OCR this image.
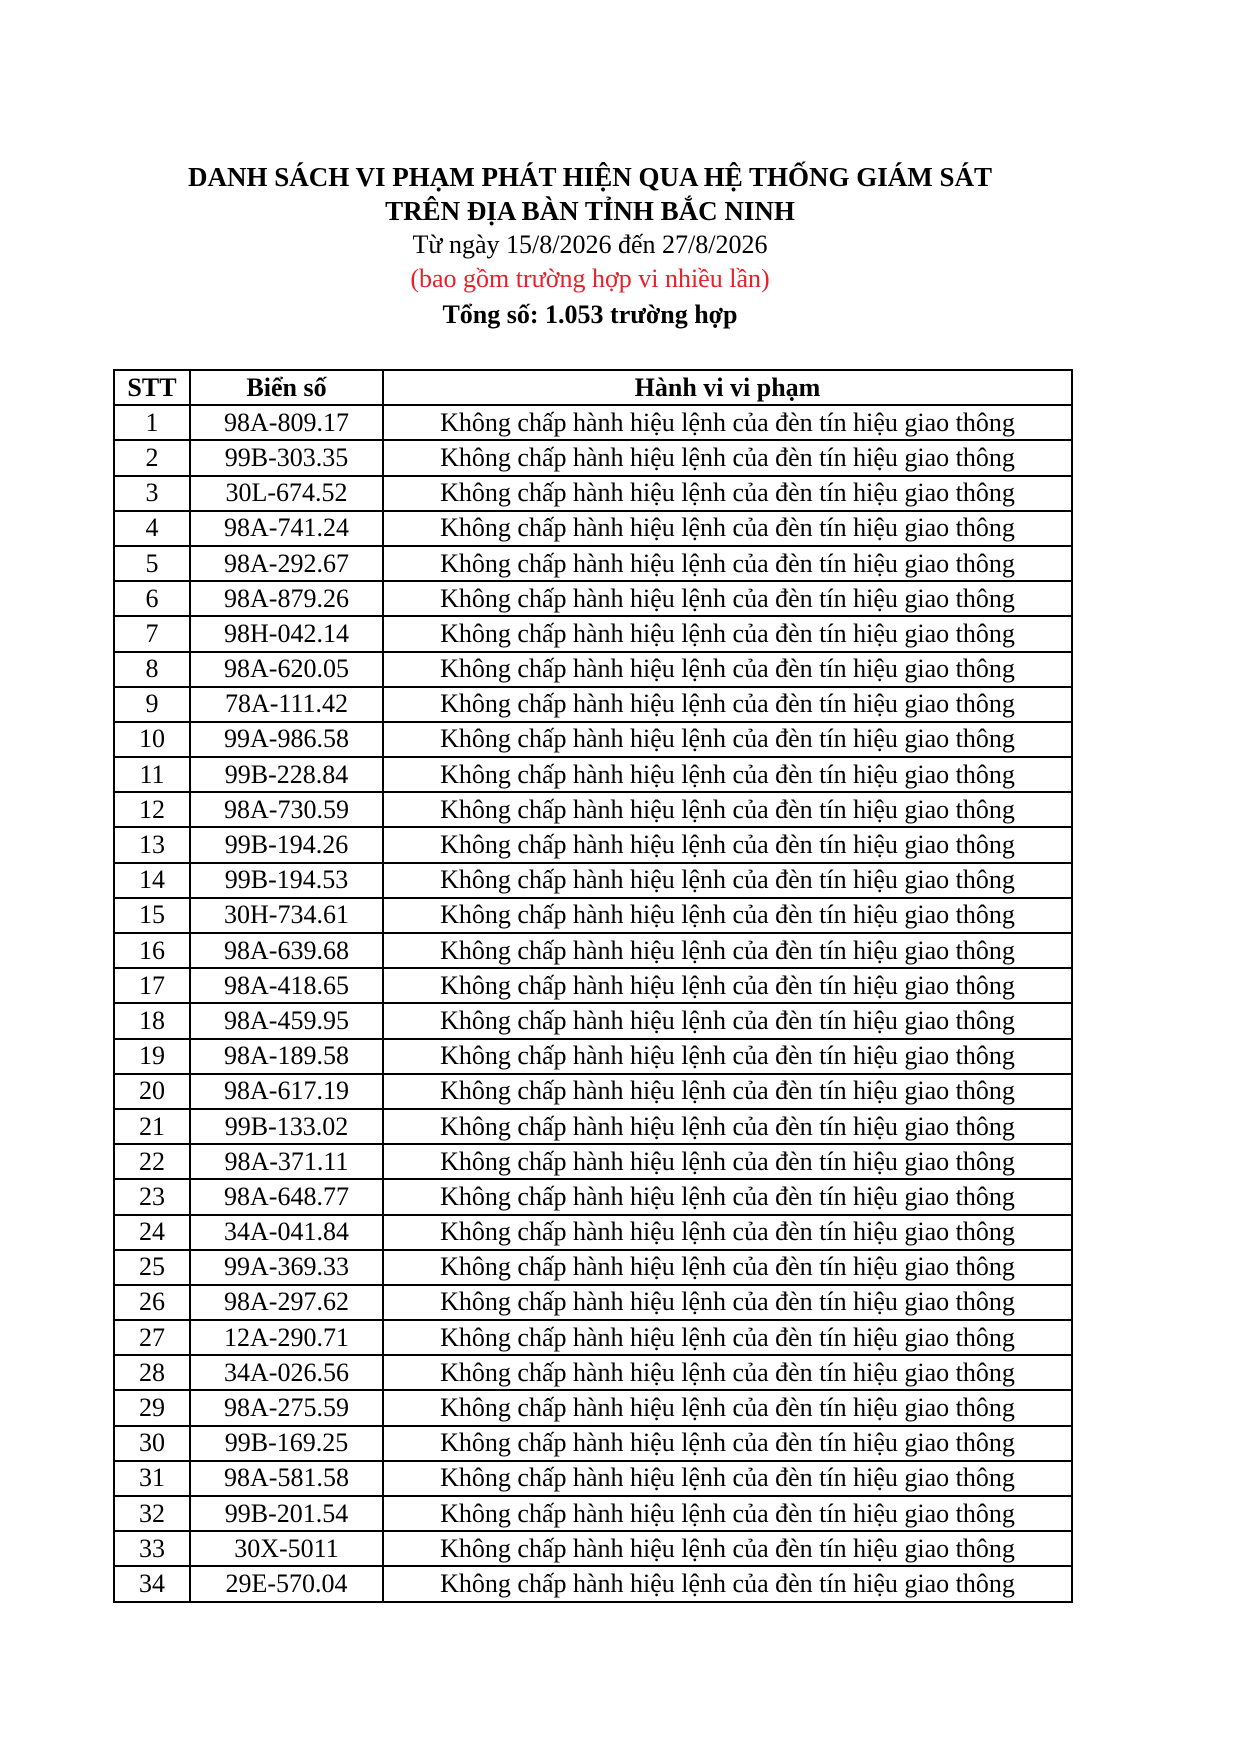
DANH SÁCH VI PHẠM PHÁT HIỆN QUA HỆ THỐNG GIÁM SÁT
TRÊN ĐỊA BÀN TỈNH BẮC NINH
Từ ngày 15/8/2026 đến 27/8/2026
(bao gồm trường hợp vi nhiều lần)
Tổng số: 1.053 trường hợp
STT	Biển số	Hành vi vi phạm
1	98A-809.17	Không chấp hành hiệu lệnh của đèn tín hiệu giao thông
2	99B-303.35	Không chấp hành hiệu lệnh của đèn tín hiệu giao thông
3	30L-674.52	Không chấp hành hiệu lệnh của đèn tín hiệu giao thông
4	98A-741.24	Không chấp hành hiệu lệnh của đèn tín hiệu giao thông
5	98A-292.67	Không chấp hành hiệu lệnh của đèn tín hiệu giao thông
6	98A-879.26	Không chấp hành hiệu lệnh của đèn tín hiệu giao thông
7	98H-042.14	Không chấp hành hiệu lệnh của đèn tín hiệu giao thông
8	98A-620.05	Không chấp hành hiệu lệnh của đèn tín hiệu giao thông
9	78A-111.42	Không chấp hành hiệu lệnh của đèn tín hiệu giao thông
10	99A-986.58	Không chấp hành hiệu lệnh của đèn tín hiệu giao thông
11	99B-228.84	Không chấp hành hiệu lệnh của đèn tín hiệu giao thông
12	98A-730.59	Không chấp hành hiệu lệnh của đèn tín hiệu giao thông
13	99B-194.26	Không chấp hành hiệu lệnh của đèn tín hiệu giao thông
14	99B-194.53	Không chấp hành hiệu lệnh của đèn tín hiệu giao thông
15	30H-734.61	Không chấp hành hiệu lệnh của đèn tín hiệu giao thông
16	98A-639.68	Không chấp hành hiệu lệnh của đèn tín hiệu giao thông
17	98A-418.65	Không chấp hành hiệu lệnh của đèn tín hiệu giao thông
18	98A-459.95	Không chấp hành hiệu lệnh của đèn tín hiệu giao thông
19	98A-189.58	Không chấp hành hiệu lệnh của đèn tín hiệu giao thông
20	98A-617.19	Không chấp hành hiệu lệnh của đèn tín hiệu giao thông
21	99B-133.02	Không chấp hành hiệu lệnh của đèn tín hiệu giao thông
22	98A-371.11	Không chấp hành hiệu lệnh của đèn tín hiệu giao thông
23	98A-648.77	Không chấp hành hiệu lệnh của đèn tín hiệu giao thông
24	34A-041.84	Không chấp hành hiệu lệnh của đèn tín hiệu giao thông
25	99A-369.33	Không chấp hành hiệu lệnh của đèn tín hiệu giao thông
26	98A-297.62	Không chấp hành hiệu lệnh của đèn tín hiệu giao thông
27	12A-290.71	Không chấp hành hiệu lệnh của đèn tín hiệu giao thông
28	34A-026.56	Không chấp hành hiệu lệnh của đèn tín hiệu giao thông
29	98A-275.59	Không chấp hành hiệu lệnh của đèn tín hiệu giao thông
30	99B-169.25	Không chấp hành hiệu lệnh của đèn tín hiệu giao thông
31	98A-581.58	Không chấp hành hiệu lệnh của đèn tín hiệu giao thông
32	99B-201.54	Không chấp hành hiệu lệnh của đèn tín hiệu giao thông
33	30X-5011	Không chấp hành hiệu lệnh của đèn tín hiệu giao thông
34	29E-570.04	Không chấp hành hiệu lệnh của đèn tín hiệu giao thông
